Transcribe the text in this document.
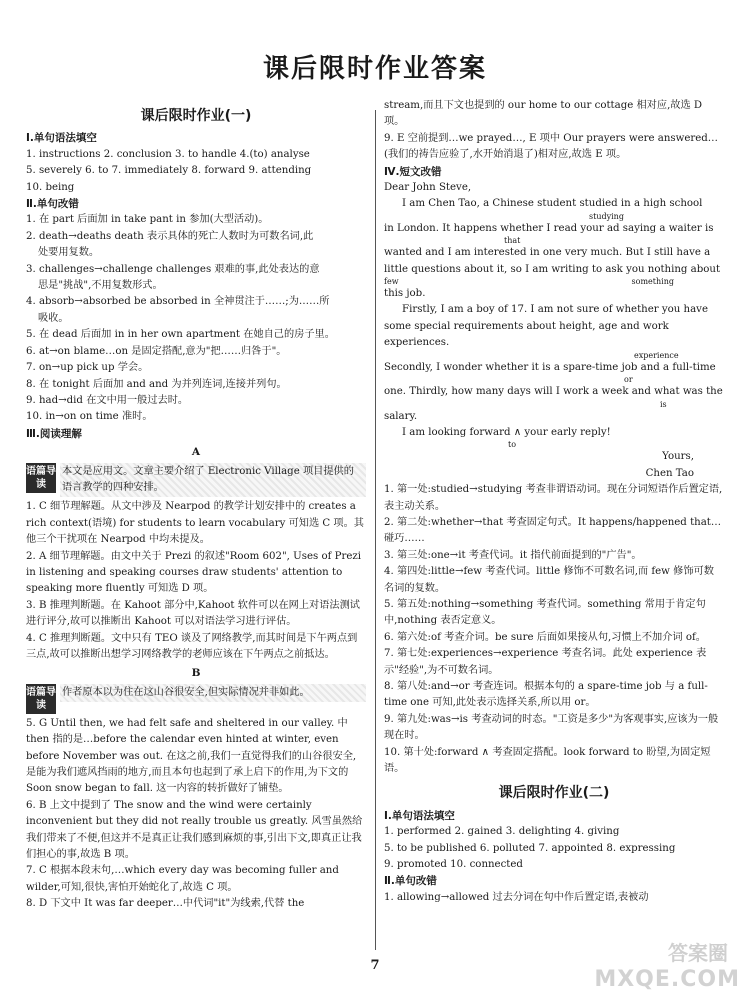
课后限时作业答案
课后限时作业(一)
Ⅰ.单句语法填空

1. instructions 2. conclusion 3. to handle 4.(to) analyse

5. severely 6. to 7. immediately 8. forward 9. attending

10. being

Ⅱ.单句改错

1. 在 part 后面加 in take pant in 参加(大型活动)。

2. death→deaths death 表示具体的死亡人数时为可数名词,此

处要用复数。

3. challenges→challenge challenges 艰难的事,此处表达的意

思是"挑战",不用复数形式。

4. absorb→absorbed be absorbed in 全神贯注于……;为……所

吸收。

5. 在 dead 后面加 in in her own apartment 在她自己的房子里。

6. at→on blame…on 是固定搭配,意为"把……归咎于"。

7. on→up pick up 学会。

8. 在 tonight 后面加 and and 为并列连词,连接并列句。

9. had→did 在文中用一般过去时。

10. in→on on time 准时。

Ⅲ.阅读理解
A
语篇导读
本文是应用文。文章主要介绍了 Electronic Village 项目提供的语言教学的四种安排。

1. C 细节理解题。从文中涉及 Nearpod 的教学计划安排中的 creates a rich context(语境) for students to learn vocabulary 可知选 C 项。其他三个干扰项在 Nearpod 中均未提及。

2. A 细节理解题。由文中关于 Prezi 的叙述"Room 602", Uses of Prezi in listening and speaking courses draw students' attention to speaking more fluently 可知选 D 项。

3. B 推理判断题。在 Kahoot 部分中,Kahoot 软件可以在网上对语法测试进行评分,故可以推断出 Kahoot 可以对语法学习进行评估。

4. C 推理判断题。文中只有 TEO 谈及了网络教学,而其时间是下午两点到三点,故可以推断出想学习网络教学的老师应该在下午两点之前抵达。

B
语篇导读
作者原本以为住在这山谷很安全,但实际情况并非如此。

5. G Until then, we had felt safe and sheltered in our valley. 中 then 指的是…before the calendar even hinted at winter, even before November was out. 在这之前,我们一直觉得我们的山谷很安全,是能为我们遮风挡雨的地方,而且本句也起到了承上启下的作用,为下文的 Soon snow began to fall. 这一内容的转折做好了铺垫。

6. B 上文中提到了 The snow and the wind were certainly inconvenient but they did not really trouble us greatly. 风雪虽然给我们带来了不便,但这并不是真正让我们感到麻烦的事,引出下文,即真正让我们担心的事,故选 B 项。

7. C 根据本段末句,…which every day was becoming fuller and wilder,可知,很快,害怕开始蛇化了,故选 C 项。

8. D 下文中 It was far deeper…中代词"it"为线索,代替 the

stream,而且下文也提到的 our home to our cottage 相对应,故选 D 项。

9. E 空前提到…we prayed…, E 项中 Our prayers were answered…(我们的祷告应验了,水开始消退了)相对应,故选 E 项。

Ⅳ.短文改错

Dear John Steve,

I am Chen Tao, a Chinese student studied in a high school

studying

in London. It happens whether I read your ad saying a waiter is

that

wanted and I am interested in one very much. But I still have a

little questions about it, so I am writing to ask you nothing about

few	something

this job.

Firstly, I am a boy of 17. I am not sure of whether you have

some special requirements about height, age and work experiences.

experience

Secondly, I wonder whether it is a spare-time job and a full-time

or

one. Thirdly, how many days will I work a week and what was the

is

salary.

I am looking forward ∧ your early reply!

to

Yours,

Chen Tao

1. 第一处:studied→studying 考查非谓语动词。现在分词短语作后置定语,表主动关系。

2. 第二处:whether→that 考查固定句式。It happens/happened that…碰巧……

3. 第三处:one→it 考查代词。it 指代前面提到的"广告"。

4. 第四处:little→few 考查代词。little 修饰不可数名词,而 few 修饰可数名词的复数。

5. 第五处:nothing→something 考查代词。something 常用于肯定句中,nothing 表否定意义。

6. 第六处:of 考查介词。be sure 后面如果接从句,习惯上不加介词 of。

7. 第七处:experiences→experience 考查名词。此处 experience 表示"经验",为不可数名词。

8. 第八处:and→or 考查连词。根据本句的 a spare-time job 与 a full-time one 可知,此处表示选择关系,所以用 or。

9. 第九处:was→is 考查动词的时态。"工资是多少"为客观事实,应该为一般现在时。

10. 第十处:forward ∧ 考查固定搭配。look forward to 盼望,为固定短语。

课后限时作业(二)
Ⅰ.单句语法填空

1. performed 2. gained 3. delighting 4. giving

5. to be published 6. polluted 7. appointed 8. expressing

9. promoted 10. connected

Ⅱ.单句改错

1. allowing→allowed 过去分词在句中作后置定语,表被动

7
答案圈
MXQE.COM
